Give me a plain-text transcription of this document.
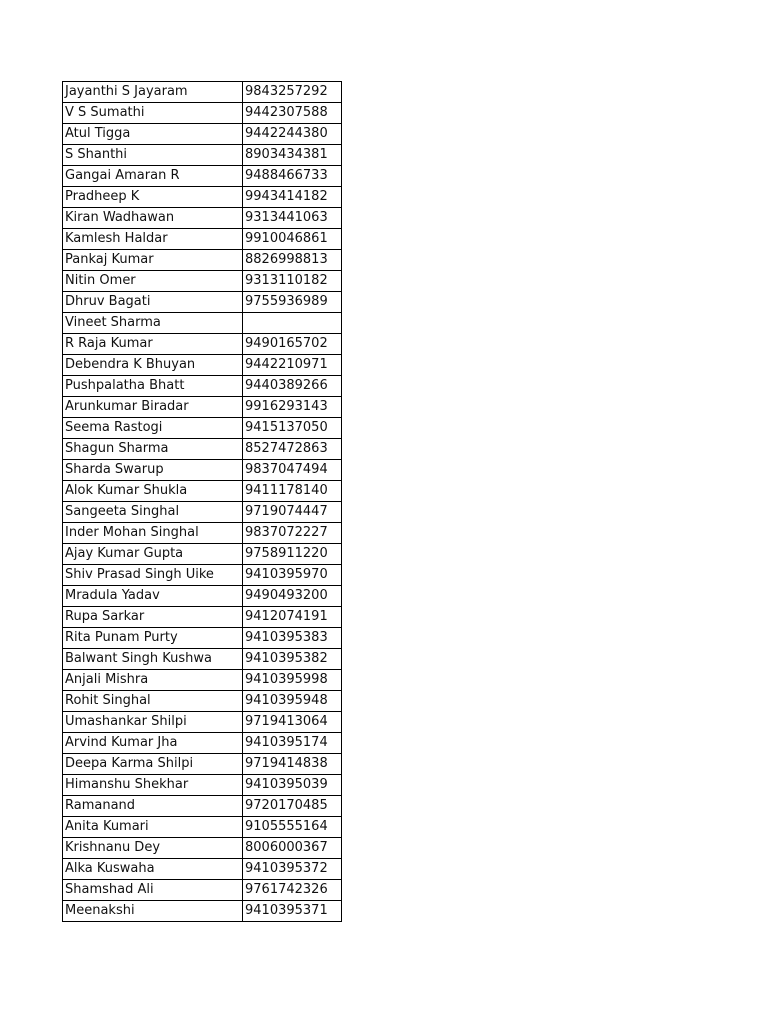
Jayanthi S Jayaram	9843257292
V S Sumathi	9442307588
Atul Tigga	9442244380
S Shanthi	8903434381
Gangai Amaran R	9488466733
Pradheep K	9943414182
Kiran Wadhawan	9313441063
Kamlesh Haldar	9910046861
Pankaj Kumar	8826998813
Nitin Omer	9313110182
Dhruv Bagati	9755936989
Vineet Sharma	
R Raja Kumar	9490165702
Debendra K Bhuyan	9442210971
Pushpalatha Bhatt	9440389266
Arunkumar Biradar	9916293143
Seema Rastogi	9415137050
Shagun Sharma	8527472863
Sharda Swarup	9837047494
Alok Kumar Shukla	9411178140
Sangeeta Singhal	9719074447
Inder Mohan Singhal	9837072227
Ajay Kumar Gupta	9758911220
Shiv Prasad Singh Uike	9410395970
Mradula Yadav	9490493200
Rupa Sarkar	9412074191
Rita Punam Purty	9410395383
Balwant Singh Kushwa	9410395382
Anjali Mishra	9410395998
Rohit Singhal	9410395948
Umashankar Shilpi	9719413064
Arvind Kumar Jha	9410395174
Deepa Karma Shilpi	9719414838
Himanshu Shekhar	9410395039
Ramanand	9720170485
Anita Kumari	9105555164
Krishnanu Dey	8006000367
Alka Kuswaha	9410395372
Shamshad Ali	9761742326
Meenakshi	9410395371
